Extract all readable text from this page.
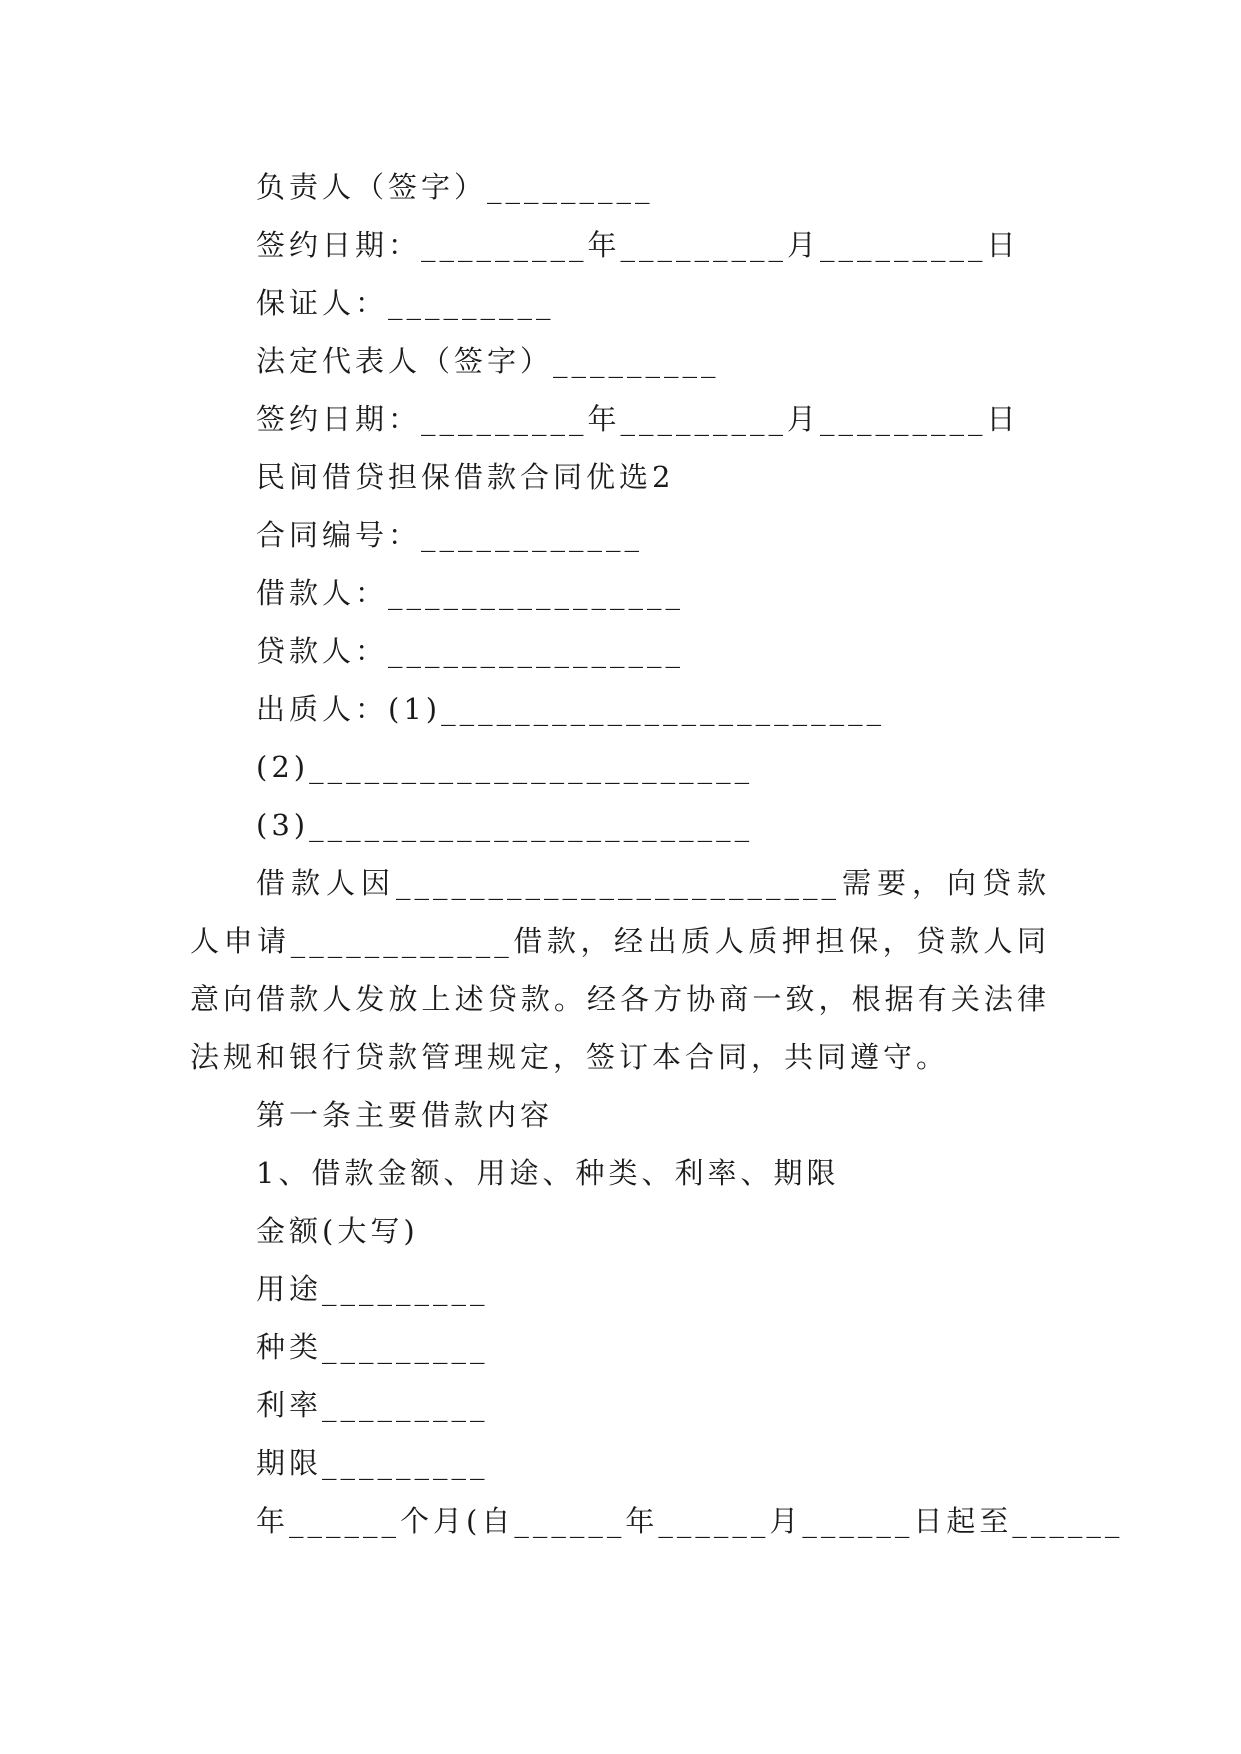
负责人（签字）_________
签约日期：_________年_________月_________日
保证人：_________
法定代表人（签字）_________
签约日期：_________年_________月_________日
民间借贷担保借款合同优选2
合同编号：____________
借款人：________________
贷款人：________________
出质人：(1)________________________
(2)________________________
(3)________________________
借款人因________________________需要，向贷款人申请____________借款，经出质人质押担保，贷款人同意向借款人发放上述贷款。经各方协商一致，根据有关法律法规和银行贷款管理规定，签订本合同，共同遵守。
第一条主要借款内容
1、借款金额、用途、种类、利率、期限
金额(大写)
用途_________
种类_________
利率_________
期限_________
年______个月(自______年______月______日起至______
